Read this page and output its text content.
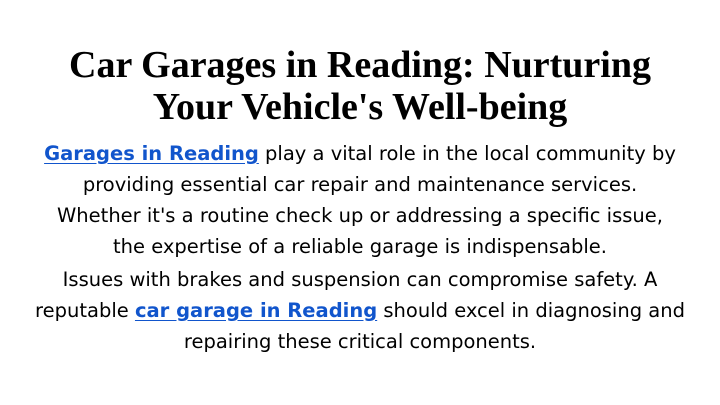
Car Garages in Reading: Nurturing
Your Vehicle's Well-being

Garages in Reading play a vital role in the local community by
providing essential car repair and maintenance services.
Whether it's a routine check up or addressing a specific issue,
the expertise of a reliable garage is indispensable.

Issues with brakes and suspension can compromise safety. A
reputable car garage in Reading should excel in diagnosing and
repairing these critical components.
